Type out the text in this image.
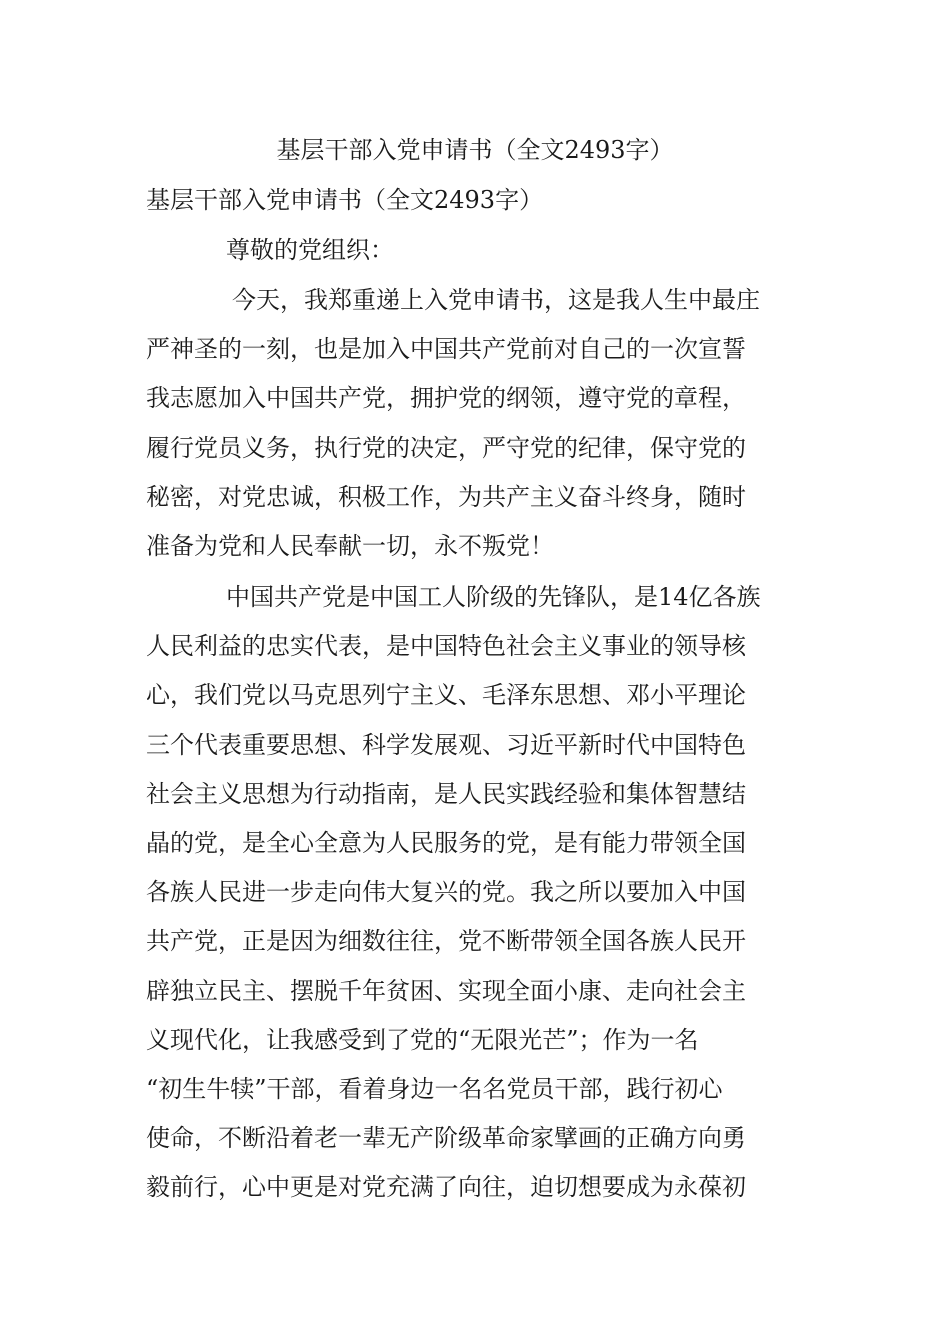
基层干部入党申请书（全文2493字）
基层干部入党申请书（全文2493字）
尊敬的党组织：
今天，我郑重递上入党申请书，这是我人生中最庄
严神圣的一刻，也是加入中国共产党前对自己的一次宣誓
我志愿加入中国共产党，拥护党的纲领，遵守党的章程，
履行党员义务，执行党的决定，严守党的纪律，保守党的
秘密，对党忠诚，积极工作，为共产主义奋斗终身，随时
准备为党和人民奉献一切，永不叛党！
中国共产党是中国工人阶级的先锋队，是14亿各族
人民利益的忠实代表，是中国特色社会主义事业的领导核
心，我们党以马克思列宁主义、毛泽东思想、邓小平理论
三个代表重要思想、科学发展观、习近平新时代中国特色
社会主义思想为行动指南，是人民实践经验和集体智慧结
晶的党，是全心全意为人民服务的党，是有能力带领全国
各族人民进一步走向伟大复兴的党。我之所以要加入中国
共产党，正是因为细数往往，党不断带领全国各族人民开
辟独立民主、摆脱千年贫困、实现全面小康、走向社会主
义现代化，让我感受到了党的“无限光芒”；作为一名
“初生牛犊”干部，看着身边一名名党员干部，践行初心
使命，不断沿着老一辈无产阶级革命家擘画的正确方向勇
毅前行，心中更是对党充满了向往，迫切想要成为永葆初
